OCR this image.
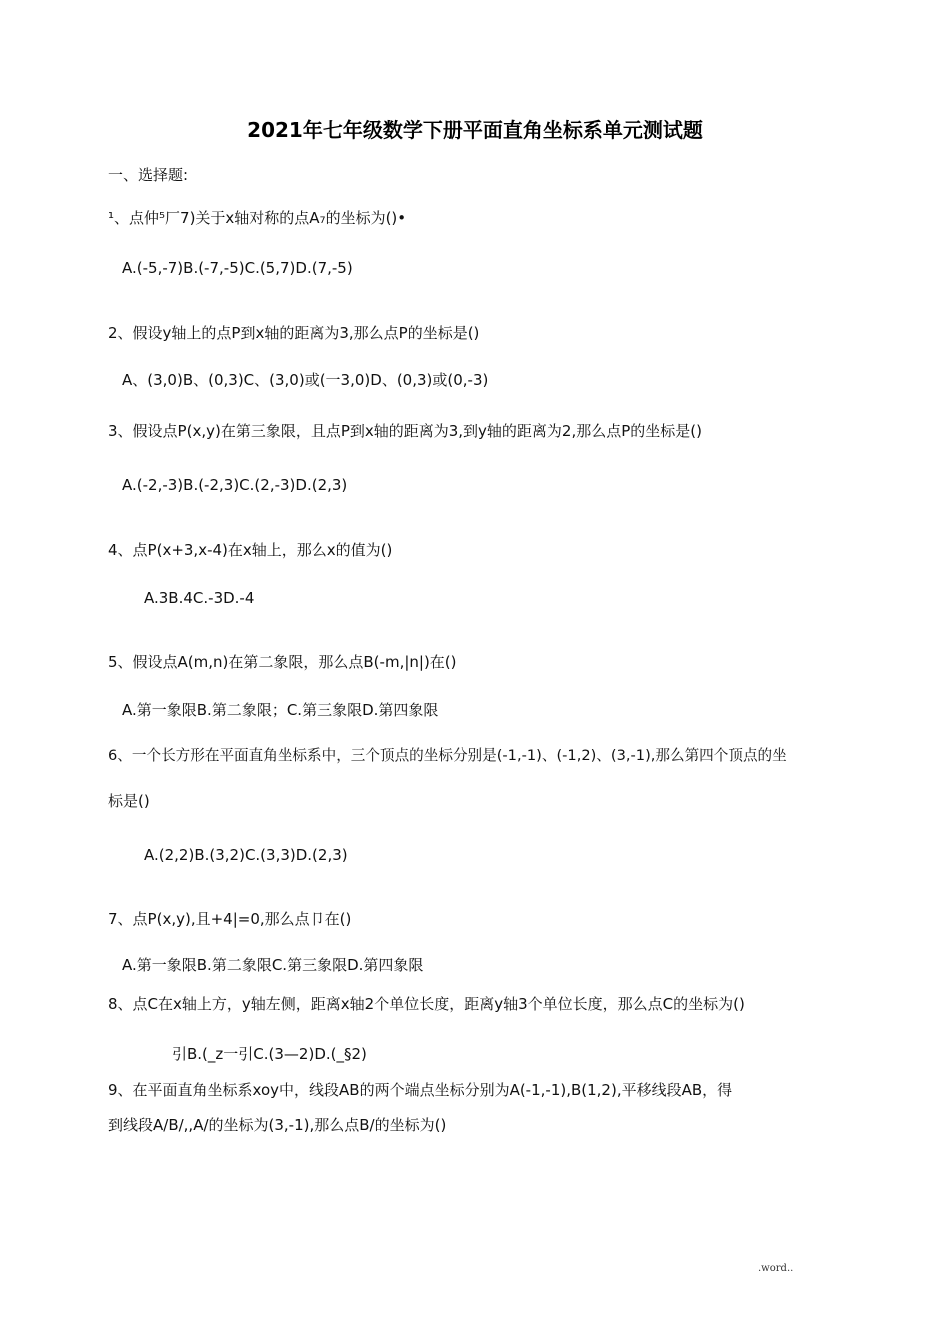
2021年七年级数学下册平面直角坐标系单元测试题
一、选择题:
¹、点仲⁵厂7)关于x轴对称的点A₇的坐标为()•
A.(-5,-7)B.(-7,-5)C.(5,7)D.(7,-5)
2、假设y轴上的点P到x轴的距离为3,那么点P的坐标是()
A、(3,0)B、(0,3)C、(3,0)或(一3,0)D、(0,3)或(0,-3)
3、假设点P(x,y)在第三象限，且点P到x轴的距离为3,到y轴的距离为2,那么点P的坐标是()
A.(-2,-3)B.(-2,3)C.(2,-3)D.(2,3)
4、点P(x+3,x-4)在x轴上，那么x的值为()
A.3B.4C.-3D.-4
5、假设点A(m,n)在第二象限，那么点B(-m,|n|)在()
A.第一象限B.第二象限；C.第三象限D.第四象限
6、一个长方形在平面直角坐标系中，三个顶点的坐标分别是(-1,-1)、(-1,2)、(3,-1),那么第四个顶点的坐
标是()
A.(2,2)B.(3,2)C.(3,3)D.(2,3)
7、点P(x,y),且+4|=0,那么点卩在()
A.第一象限B.第二象限C.第三象限D.第四象限
8、点C在x轴上方，y轴左侧，距离x轴2个单位长度，距离y轴3个单位长度，那么点C的坐标为()
引B.(_z一引C.(3—2)D.(_§2)
9、在平面直角坐标系xoy中，线段AB的两个端点坐标分别为A(-1,-1),B(1,2),平移线段AB，得
到线段A/B/,,A/的坐标为(3,-1),那么点B/的坐标为()
.word..
